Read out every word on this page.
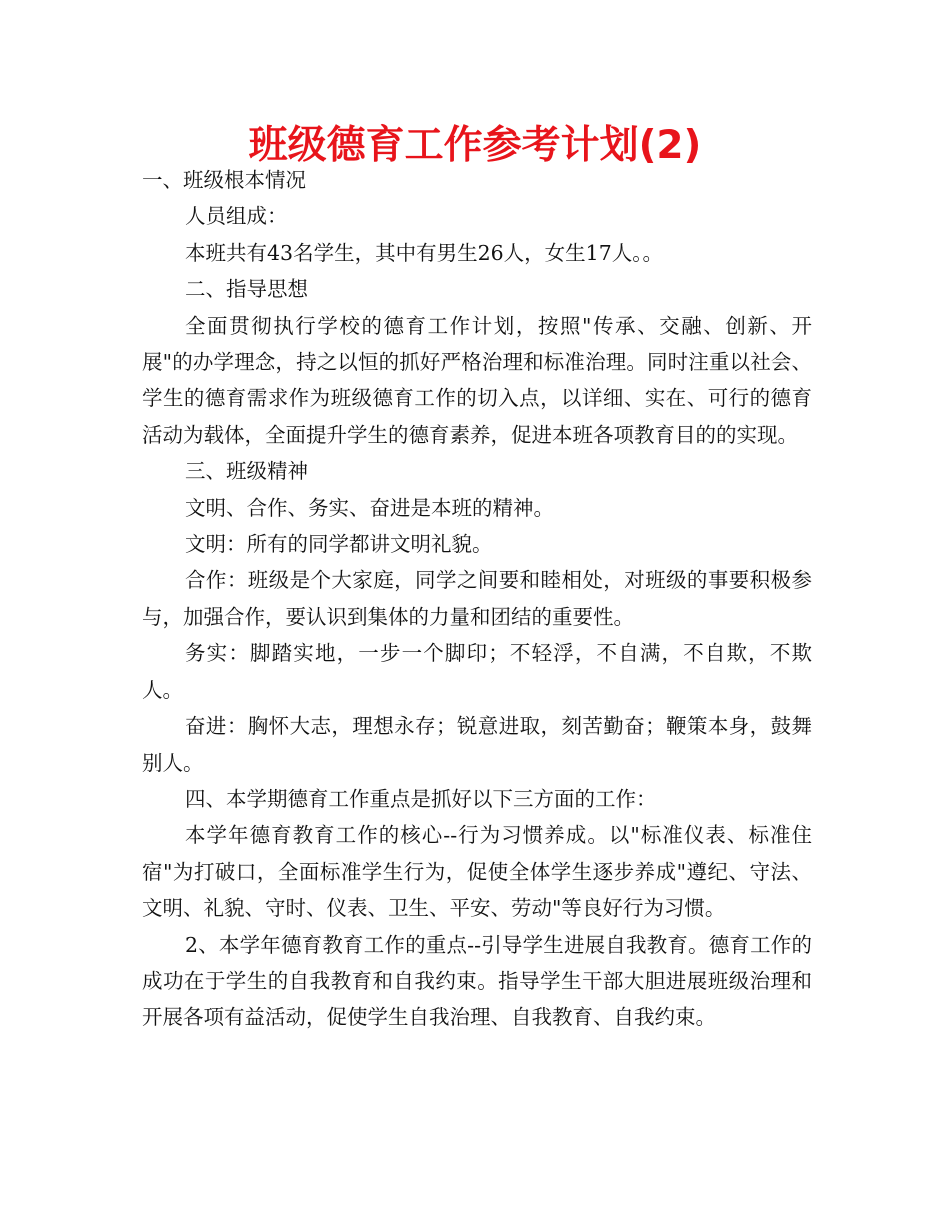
班级德育工作参考计划(2)

一、班级根本情况

人员组成：

本班共有43名学生，其中有男生26人，女生17人。。

二、指导思想

全面贯彻执行学校的德育工作计划，按照"传承、交融、创新、开展"的办学理念，持之以恒的抓好严格治理和标准治理。同时注重以社会、学生的德育需求作为班级德育工作的切入点，以详细、实在、可行的德育活动为载体，全面提升学生的德育素养，促进本班各项教育目的的实现。

三、班级精神

文明、合作、务实、奋进是本班的精神。

文明：所有的同学都讲文明礼貌。

合作：班级是个大家庭，同学之间要和睦相处，对班级的事要积极参与，加强合作，要认识到集体的力量和团结的重要性。

务实：脚踏实地，一步一个脚印；不轻浮，不自满，不自欺，不欺人。

奋进：胸怀大志，理想永存；锐意进取，刻苦勤奋；鞭策本身，鼓舞别人。

四、本学期德育工作重点是抓好以下三方面的工作：

本学年德育教育工作的核心--行为习惯养成。以"标准仪表、标准住宿"为打破口，全面标准学生行为，促使全体学生逐步养成"遵纪、守法、文明、礼貌、守时、仪表、卫生、平安、劳动"等良好行为习惯。

2、本学年德育教育工作的重点--引导学生进展自我教育。德育工作的成功在于学生的自我教育和自我约束。指导学生干部大胆进展班级治理和开展各项有益活动，促使学生自我治理、自我教育、自我约束。
